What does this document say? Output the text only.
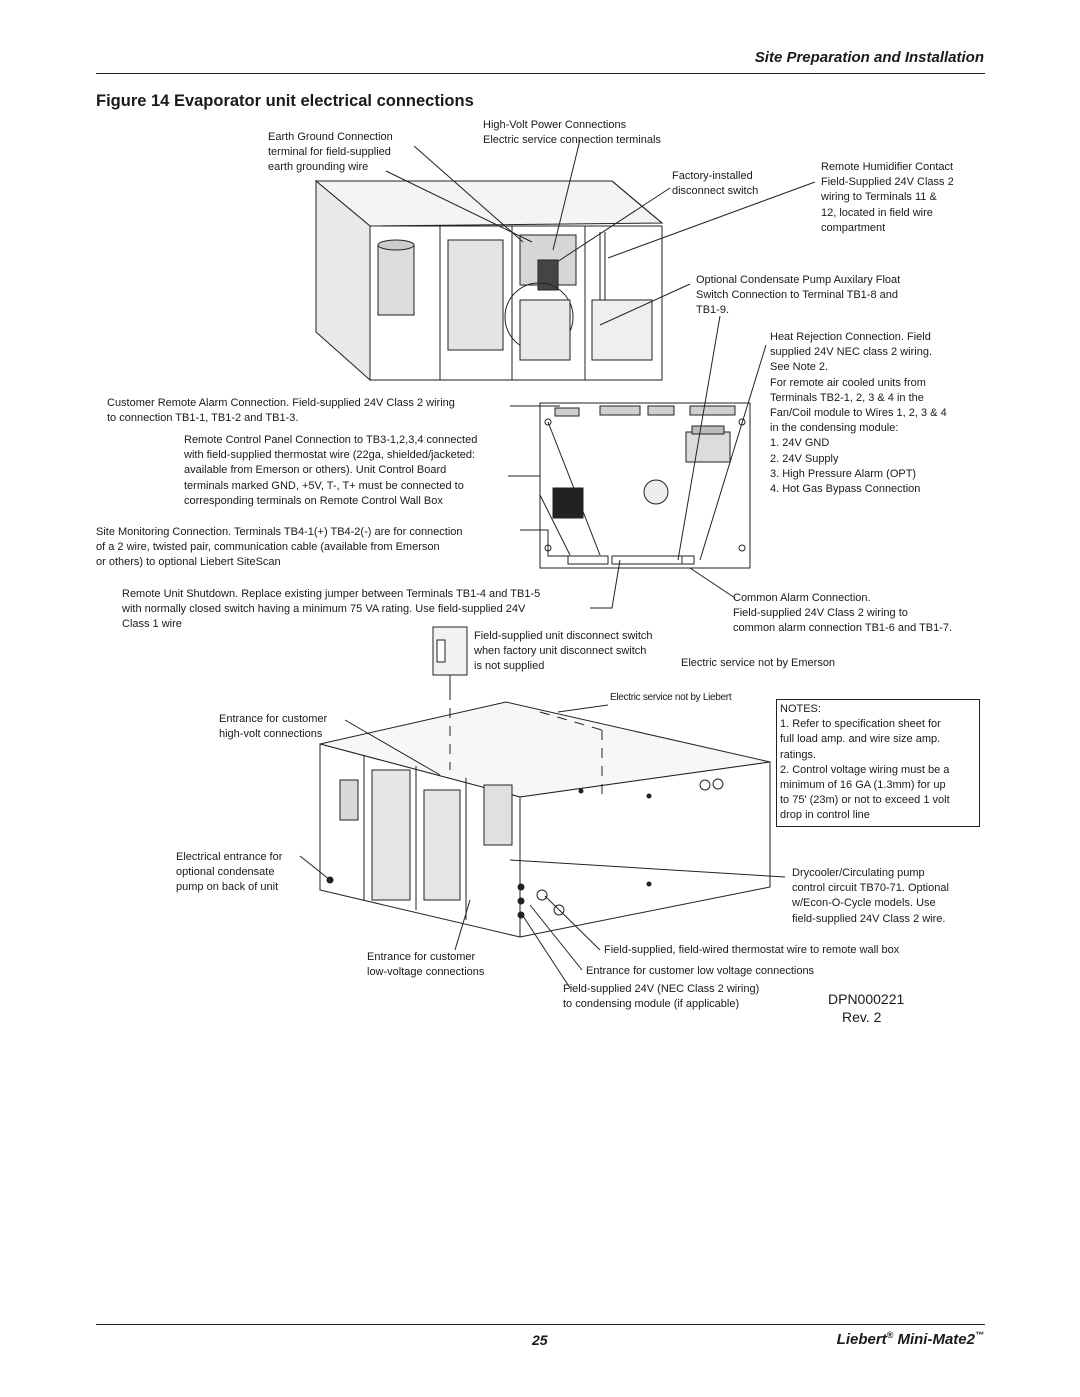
Site Preparation and Installation
Figure 14 Evaporator unit electrical connections
Earth Ground Connection
terminal for field-supplied
earth grounding wire
High-Volt Power Connections
Electric service connection terminals
Factory-installed
disconnect switch
Remote Humidifier Contact
Field-Supplied 24V Class 2
wiring to Terminals 11 &
12, located in field wire
compartment
Optional Condensate Pump Auxilary Float
Switch Connection to Terminal TB1-8 and
TB1-9.
Heat Rejection Connection. Field
supplied 24V NEC class 2 wiring.
See Note 2.
For remote air cooled units from
Terminals TB2-1, 2, 3 & 4 in the
Fan/Coil module to Wires 1, 2, 3 & 4
in the condensing module:
1. 24V GND
2. 24V Supply
3. High Pressure Alarm (OPT)
4. Hot Gas Bypass Connection
Customer Remote Alarm Connection. Field-supplied 24V Class 2 wiring
to connection TB1-1, TB1-2 and TB1-3.
Remote Control Panel Connection to TB3-1,2,3,4 connected
with field-supplied thermostat wire (22ga, shielded/jacketed:
available from Emerson or others). Unit Control Board
terminals marked GND, +5V, T-, T+ must be connected to
corresponding terminals on Remote Control Wall Box
Site Monitoring Connection. Terminals TB4-1(+) TB4-2(-) are for connection
of a 2 wire, twisted pair, communication cable (available from Emerson
or others) to optional Liebert SiteScan
Remote Unit Shutdown. Replace existing jumper between Terminals TB1-4 and TB1-5
with normally closed switch having a minimum 75 VA rating. Use field-supplied 24V
Class 1 wire
Common Alarm Connection.
Field-supplied 24V Class 2 wiring to
common alarm connection TB1-6 and TB1-7.
Field-supplied unit disconnect switch
when factory unit disconnect switch
is not supplied	Electric service not by Emerson
Electric service not by Liebert
NOTES:
1. Refer to specification sheet for
full load amp. and wire size amp.
ratings.
2. Control voltage wiring must be a
minimum of 16 GA (1.3mm) for up
to 75' (23m) or not to exceed 1 volt
drop in control line
Entrance for customer
high-volt connections
Electrical entrance for
optional condensate
pump on back of unit
Drycooler/Circulating pump
control circuit TB70-71. Optional
w/Econ-O-Cycle models. Use
field-supplied 24V Class 2 wire.
Field-supplied, field-wired thermostat wire to remote wall box
Entrance for customer
low-voltage connections	Entrance for customer low voltage connections
Field-supplied 24V (NEC Class 2 wiring)
to condensing module (if applicable)	DPN000221
Rev. 2
25	Liebert® Mini-Mate2™
